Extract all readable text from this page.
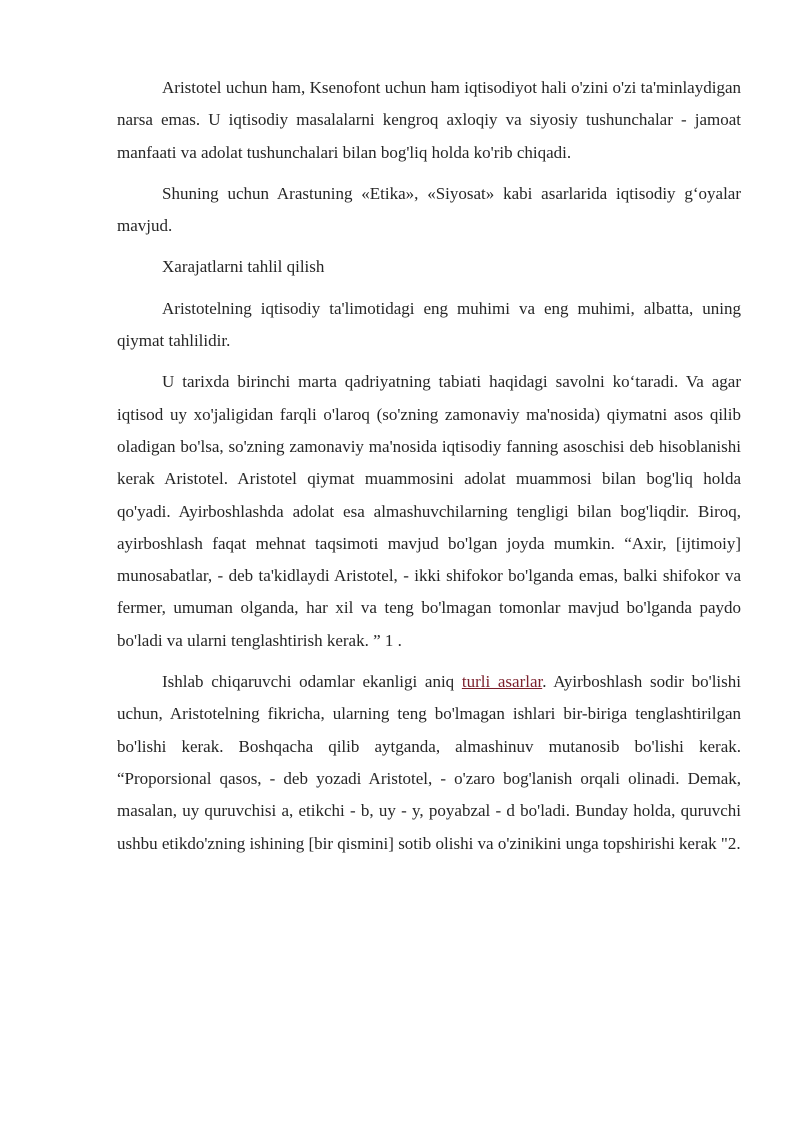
Aristotel uchun ham, Ksenofont uchun ham iqtisodiyot hali o'zini o'zi ta'minlaydigan narsa emas. U iqtisodiy masalalarni kengroq axloqiy va siyosiy tushunchalar - jamoat manfaati va adolat tushunchalari bilan bog'liq holda ko'rib chiqadi.

Shuning uchun Arastuning «Etika», «Siyosat» kabi asarlarida iqtisodiy g‘oyalar mavjud.

Xarajatlarni tahlil qilish

Aristotelning iqtisodiy ta'limotidagi eng muhimi va eng muhimi, albatta, uning qiymat tahlilidir.

U tarixda birinchi marta qadriyatning tabiati haqidagi savolni ko‘taradi. Va agar iqtisod uy xo'jaligidan farqli o'laroq (so'zning zamonaviy ma'nosida) qiymatni asos qilib oladigan bo'lsa, so'zning zamonaviy ma'nosida iqtisodiy fanning asoschisi deb hisoblanishi kerak Aristotel. Aristotel qiymat muammosini adolat muammosi bilan bog'liq holda qo'yadi. Ayirboshlashda adolat esa almashuvchilarning tengligi bilan bog'liqdir. Biroq, ayirboshlash faqat mehnat taqsimoti mavjud bo'lgan joyda mumkin. “Axir, [ijtimoiy] munosabatlar, - deb ta'kidlaydi Aristotel, - ikki shifokor bo'lganda emas, balki shifokor va fermer, umuman olganda, har xil va teng bo'lmagan tomonlar mavjud bo'lganda paydo bo'ladi va ularni tenglashtirish kerak. ” 1 .

Ishlab chiqaruvchi odamlar ekanligi aniq turli asarlar. Ayirboshlash sodir bo'lishi uchun, Aristotelning fikricha, ularning teng bo'lmagan ishlari bir-biriga tenglashtirilgan bo'lishi kerak. Boshqacha qilib aytganda, almashinuv mutanosib bo'lishi kerak. “Proporsional qasos, - deb yozadi Aristotel, - o'zaro bog'lanish orqali olinadi. Demak, masalan, uy quruvchisi a, etikchi - b, uy - y, poyabzal - d bo'ladi. Bunday holda, quruvchi ushbu etikdo'zning ishining [bir qismini] sotib olishi va o'zinikini unga topshirishi kerak "2.
